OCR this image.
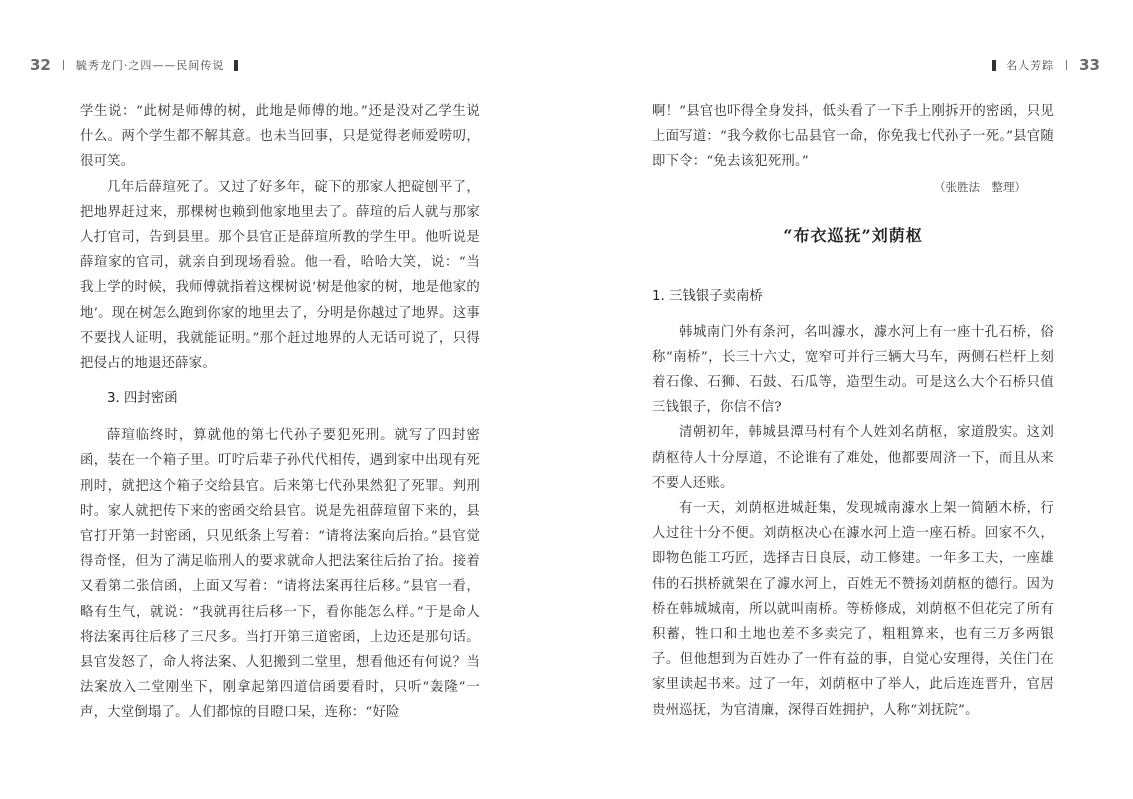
32 毓秀龙门·之四——民间传说

学生说：“此树是师傅的树，此地是师傅的地。”还是没对乙学生说什么。两个学生都不解其意。也未当回事，只是觉得老师爱唠叨，很可笑。

几年后薛瑄死了。又过了好多年，碇下的那家人把碇刨平了，把地界赶过来，那棵树也赖到他家地里去了。薛瑄的后人就与那家人打官司，告到县里。那个县官正是薛瑄所教的学生甲。他听说是薛瑄家的官司，就亲自到现场看验。他一看，哈哈大笑，说：“当我上学的时候，我师傅就指着这棵树说‘树是他家的树，地是他家的地’。现在树怎么跑到你家的地里去了，分明是你越过了地界。这事不要找人证明，我就能证明。”那个赶过地界的人无话可说了，只得把侵占的地退还薛家。

3. 四封密函

薛瑄临终时，算就他的第七代孙子要犯死刑。就写了四封密函，装在一个箱子里。叮咛后辈子孙代代相传，遇到家中出现有死刑时，就把这个箱子交给县官。后来第七代孙果然犯了死罪。判刑时。家人就把传下来的密函交给县官。说是先祖薛瑄留下来的，县官打开第一封密函，只见纸条上写着：“请将法案向后抬。”县官觉得奇怪，但为了满足临刑人的要求就命人把法案往后抬了抬。接着又看第二张信函，上面又写着：“请将法案再往后移。”县官一看，略有生气，就说：“我就再往后移一下，看你能怎么样。”于是命人将法案再往后移了三尺多。当打开第三道密函，上边还是那句话。县官发怒了，命人将法案、人犯搬到二堂里，想看他还有何说？当法案放入二堂刚坐下，刚拿起第四道信函要看时，只听“轰隆”一声，大堂倒塌了。人们都惊的目瞪口呆，连称：“好险

名人芳踪 33

啊！”县官也吓得全身发抖，低头看了一下手上刚拆开的密函，只见上面写道：“我今救你七品县官一命，你免我七代孙子一死。”县官随即下令：“免去该犯死刑。”

（张胜法　整理）

“布衣巡抚”刘荫枢

1. 三钱银子卖南桥

韩城南门外有条河，名叫澽水，澽水河上有一座十孔石桥，俗称“南桥”，长三十六丈，宽窄可并行三辆大马车，两侧石栏杆上刻着石像、石狮、石鼓、石瓜等，造型生动。可是这么大个石桥只值三钱银子，你信不信?

清朝初年，韩城县潭马村有个人姓刘名荫枢，家道殷实。这刘荫枢待人十分厚道，不论谁有了难处，他都要周济一下，而且从来不要人还账。

有一天，刘荫枢进城赶集，发现城南澽水上架一简陋木桥，行人过往十分不便。刘荫枢决心在澽水河上造一座石桥。回家不久，即物色能工巧匠，选择吉日良辰，动工修建。一年多工夫，一座雄伟的石拱桥就架在了澽水河上，百姓无不赞扬刘荫枢的德行。因为桥在韩城城南，所以就叫南桥。等桥修成，刘荫枢不但花完了所有积蓄，牲口和土地也差不多卖完了，粗粗算来，也有三万多两银子。但他想到为百姓办了一件有益的事，自觉心安理得，关住门在家里读起书来。过了一年，刘荫枢中了举人，此后连连晋升，官居贵州巡抚，为官清廉，深得百姓拥护，人称“刘抚院”。
